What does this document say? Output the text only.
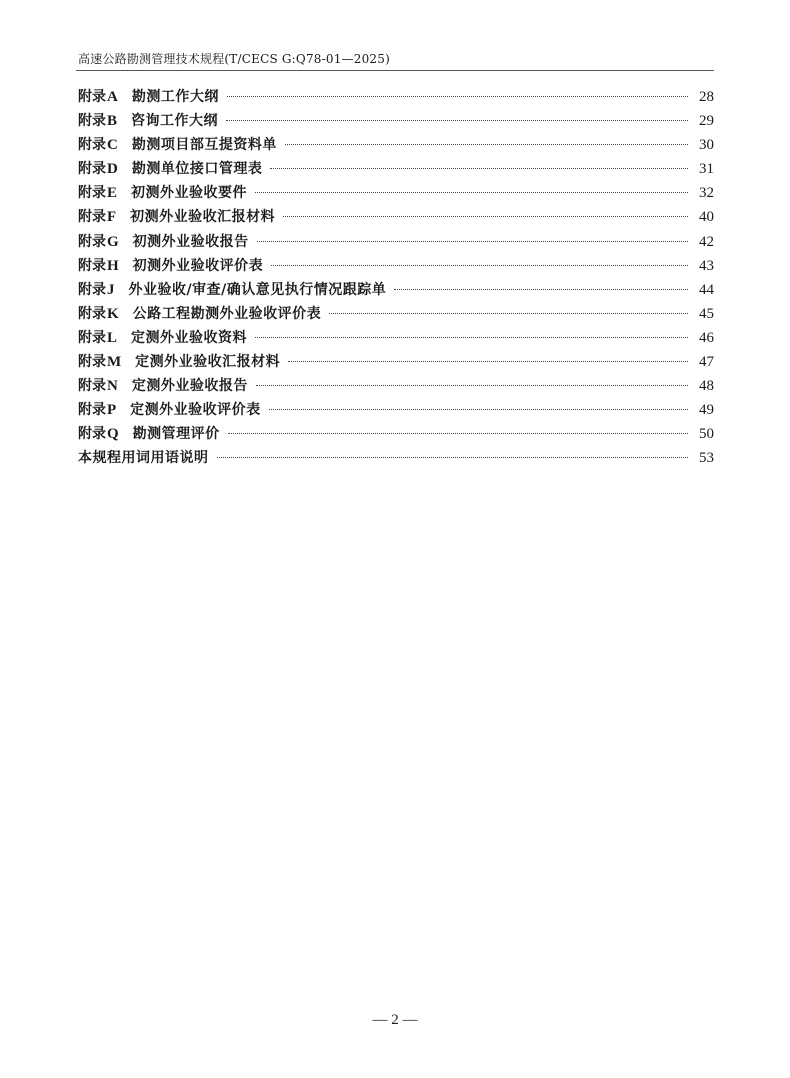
高速公路勘测管理技术规程(T/CECS G:Q78-01—2025)
附录 A 勘测工作大纲	28
附录 B 咨询工作大纲	29
附录 C 勘测项目部互提资料单	30
附录 D 勘测单位接口管理表	31
附录 E 初测外业验收要件	32
附录 F 初测外业验收汇报材料	40
附录 G 初测外业验收报告	42
附录 H 初测外业验收评价表	43
附录 J 外业验收/审查/确认意见执行情况跟踪单	44
附录 K 公路工程勘测外业验收评价表	45
附录 L 定测外业验收资料	46
附录 M 定测外业验收汇报材料	47
附录 N 定测外业验收报告	48
附录 P 定测外业验收评价表	49
附录 Q 勘测管理评价	50
本规程用词用语说明	53
— 2 —
